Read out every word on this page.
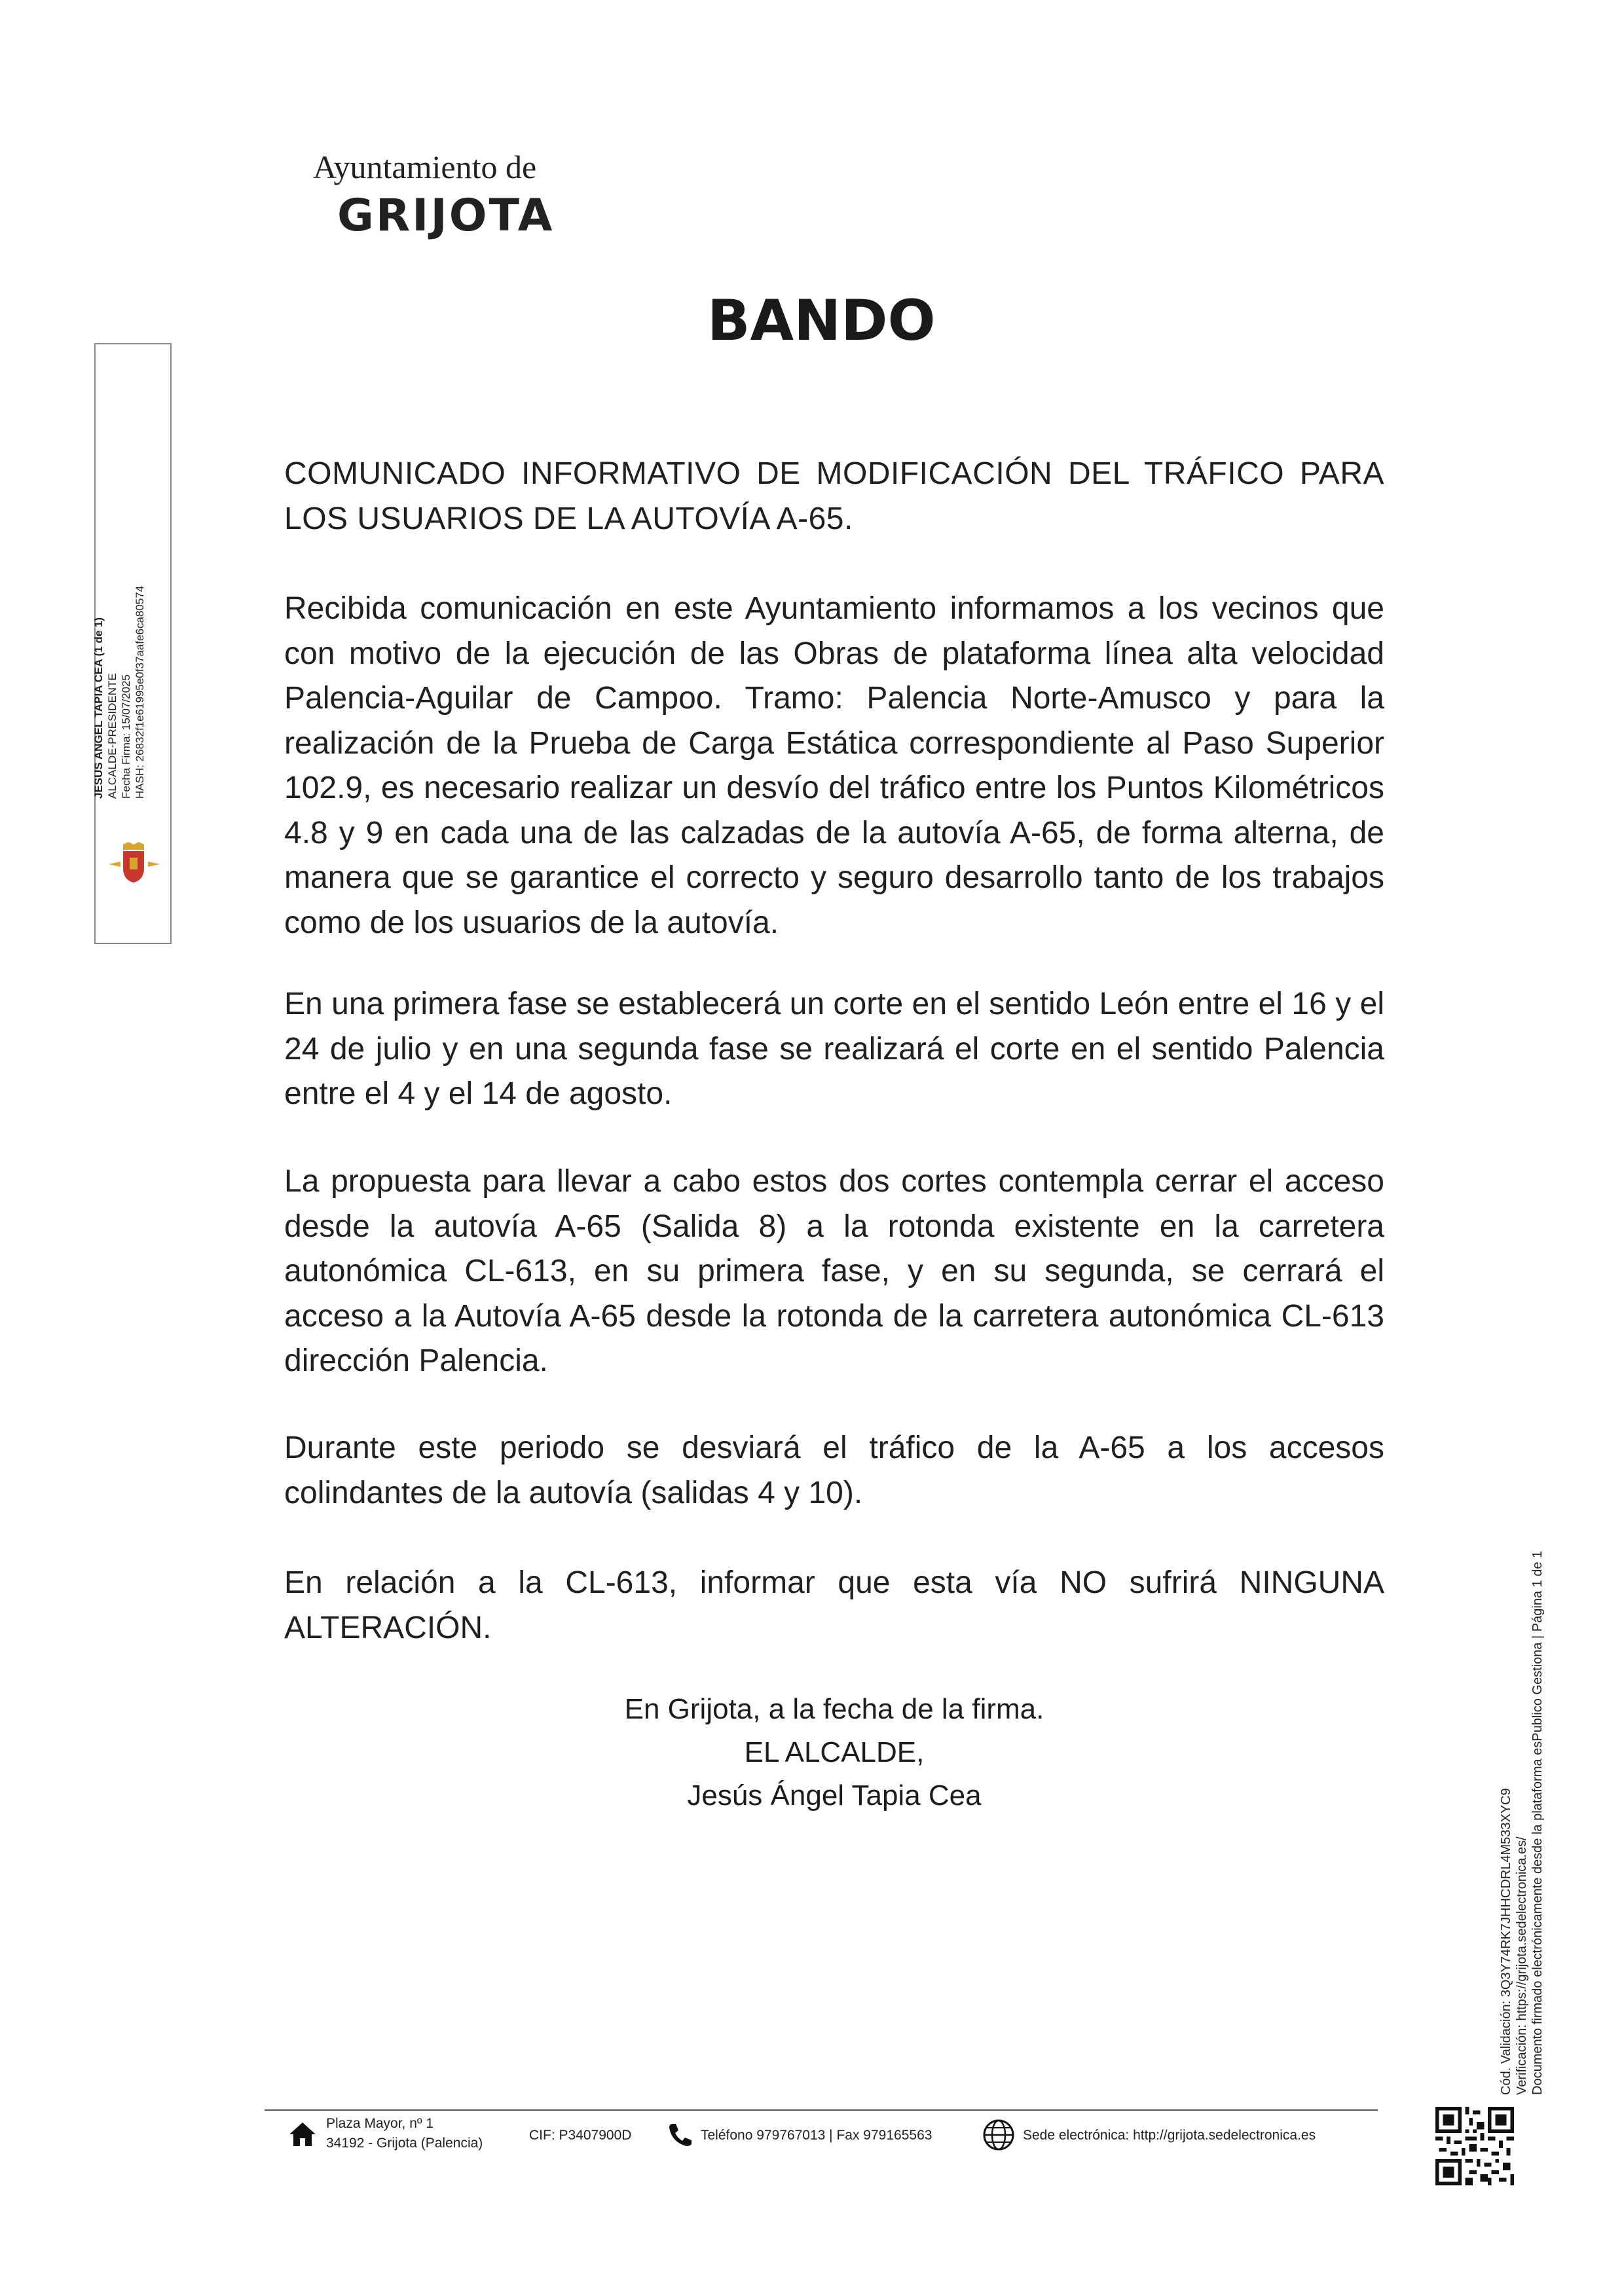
Ayuntamiento de
GRIJOTA
BANDO
JESUS ANGEL TAPIA CEA (1 de 1) ALCALDE-PRESIDENTE Fecha Firma: 15/07/2025 HASH: 26832f1e61995e0f37aafe6ca80574
COMUNICADO INFORMATIVO DE MODIFICACIÓN DEL TRÁFICO PARA LOS USUARIOS DE LA AUTOVÍA A-65.
Recibida comunicación en este Ayuntamiento informamos a los vecinos que con motivo de la ejecución de las Obras de plataforma línea alta velocidad Palencia-Aguilar de Campoo. Tramo: Palencia Norte-Amusco y para la realización de la Prueba de Carga Estática correspondiente al Paso Superior 102.9, es necesario realizar un desvío del tráfico entre los Puntos Kilométricos 4.8 y 9 en cada una de las calzadas de la autovía A-65, de forma alterna, de manera que se garantice el correcto y seguro desarrollo tanto de los trabajos como de los usuarios de la autovía.
En una primera fase se establecerá un corte en el sentido León entre el 16 y el 24 de julio y en una segunda fase se realizará el corte en el sentido Palencia entre el 4 y el 14 de agosto.
La propuesta para llevar a cabo estos dos cortes contempla cerrar el acceso desde la autovía A-65 (Salida 8) a la rotonda existente en la carretera autonómica CL-613, en su primera fase, y en su segunda, se cerrará el acceso a la Autovía A-65 desde la rotonda de la carretera autonómica CL-613 dirección Palencia.
Durante este periodo se desviará el tráfico de la A-65 a los accesos colindantes de la autovía (salidas 4 y 10).
En relación a la CL-613, informar que esta vía NO sufrirá NINGUNA ALTERACIÓN.
En Grijota, a la fecha de la firma.
EL ALCALDE,
Jesús Ángel Tapia Cea	Cód. Validación: 3Q3Y74RK7JHHCDRL4M533XYC9 Verificación: https://grijota.sedelectronica.es/ Documento firmado electrónicamente desde la plataforma esPublico Gestiona | Página 1 de 1
Plaza Mayor, nº 1
34192 - Grijota (Palencia)
CIF: P3407900D	Teléfono 979767013 | Fax 979165563	Sede electrónica: http://grijota.sedelectronica.es
